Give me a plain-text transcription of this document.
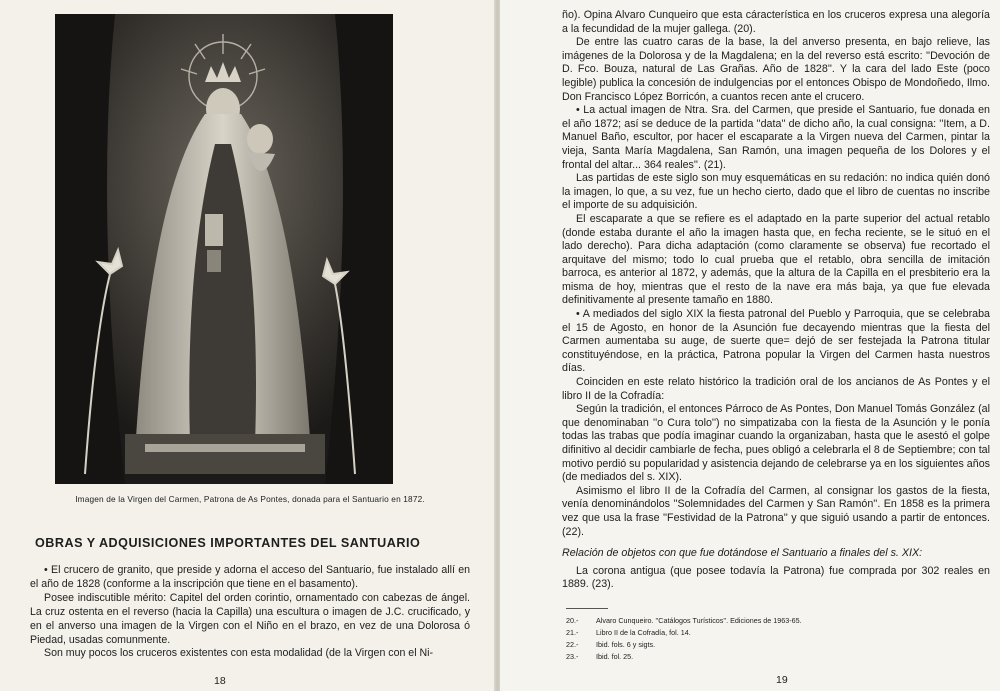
Imagen de la Virgen del Carmen, Patrona de As Pontes, donada para el Santuario en 1872.
OBRAS Y ADQUISICIONES IMPORTANTES DEL SANTUARIO

• El crucero de granito, que preside y adorna el acceso del Santuario, fue instalado allí en el año de 1828 (conforme a la inscripción que tiene en el basamento).

Posee indiscutible mérito: Capitel del orden corintio, ornamentado con cabezas de ángel. La cruz ostenta en el reverso (hacia la Capilla) una escultura o imagen de J.C. crucificado, y en el anverso una imagen de la Virgen con el Niño en el brazo, en vez de una Dolorosa ó Piedad, usadas comunmente.

Son muy pocos los cruceros existentes con esta modalidad (de la Virgen con el Ni-

18

ño). Opina Alvaro Cunqueiro que esta cáracterística en los cruceros expresa una alegoría a la fecundidad de la mujer gallega. (20).

De entre las cuatro caras de la base, la del anverso presenta, en bajo relieve, las imágenes de la Dolorosa y de la Magdalena; en la del reverso está escrito: ''Devoción de D. Fco. Bouza, natural de Las Grañas. Año de 1828''. Y la cara del lado Este (poco legible) publica la concesión de indulgencias por el entonces Obispo de Mondoñedo, Ilmo. Don Francisco López Borricón, a cuantos recen ante el crucero.

• La actual imagen de Ntra. Sra. del Carmen, que preside el Santuario, fue donada en el año 1872; así se deduce de la partida ''data'' de dicho año, la cual consigna: ''Item, a D. Manuel Baño, escultor, por hacer el escaparate a la Virgen nueva del Carmen, pintar la vieja, Santa María Magdalena, San Ramón, una imagen pequeña de los Dolores y el frontal del altar... 364 reales''. (21).

Las partidas de este siglo son muy esquemáticas en su redación: no indica quién donó la imagen, lo que, a su vez, fue un hecho cierto, dado que el libro de cuentas no inscribe el importe de su adquisición.

El escaparate a que se refiere es el adaptado en la parte superior del actual retablo (donde estaba durante el año la imagen hasta que, en fecha reciente, se le situó en el lado derecho). Para dicha adaptación (como claramente se observa) fue recortado el arquitave del mismo; todo lo cual prueba que el retablo, obra sencilla de imitación barroca, es anterior al 1872, y además, que la altura de la Capilla en el presbiterio era la misma de hoy, mientras que el resto de la nave era más baja, ya que fue elevada definitivamente al presente tamaño en 1880.

• A mediados del siglo XIX la fiesta patronal del Pueblo y Parroquia, que se celebraba el 15 de Agosto, en honor de la Asunción fue decayendo mientras que la fiesta del Carmen aumentaba su auge, de suerte que= dejó de ser festejada la Patrona titular constituyéndose, en la práctica, Patrona popular la Virgen del Carmen hasta nuestros días.

Coinciden en este relato histórico la tradición oral de los ancianos de As Pontes y el libro II de la Cofradía:

Según la tradición, el entonces Párroco de As Pontes, Don Manuel Tomás González (al que denominaban ''o Cura tolo'') no simpatizaba con la fiesta de la Asunción y le ponía todas las trabas que podía imaginar cuando la organizaban, hasta que le asestó el golpe difinitivo al decidir cambiarle de fecha, pues obligó a celebrarla el 8 de Septiembre; con tal motivo perdió su popularidad y asistencia dejando de celebrarse ya en los siguientes años (de mediados del s. XIX).

Asimismo el libro II de la Cofradía del Carmen, al consignar los gastos de la fiesta, venía denominándolos ''Solemnidades del Carmen y San Ramón''. En 1858 es la primera vez que usa la frase ''Festividad de la Patrona'' y que siguió usando a partir de entonces. (22).

Relación de objetos con que fue dotándose el Santuario a finales del s. XIX:

La corona antigua (que posee todavía la Patrona) fue comprada por 302 reales en 1889. (23).

20.- Alvaro Cunqueiro. ''Catálogos Turísticos''. Ediciones de 1963-65.
21.- Libro II de la Cofradía, fol. 14.
22.- Ibid. fols. 6 y sigts.
23.- Ibid. fol. 25.
19
